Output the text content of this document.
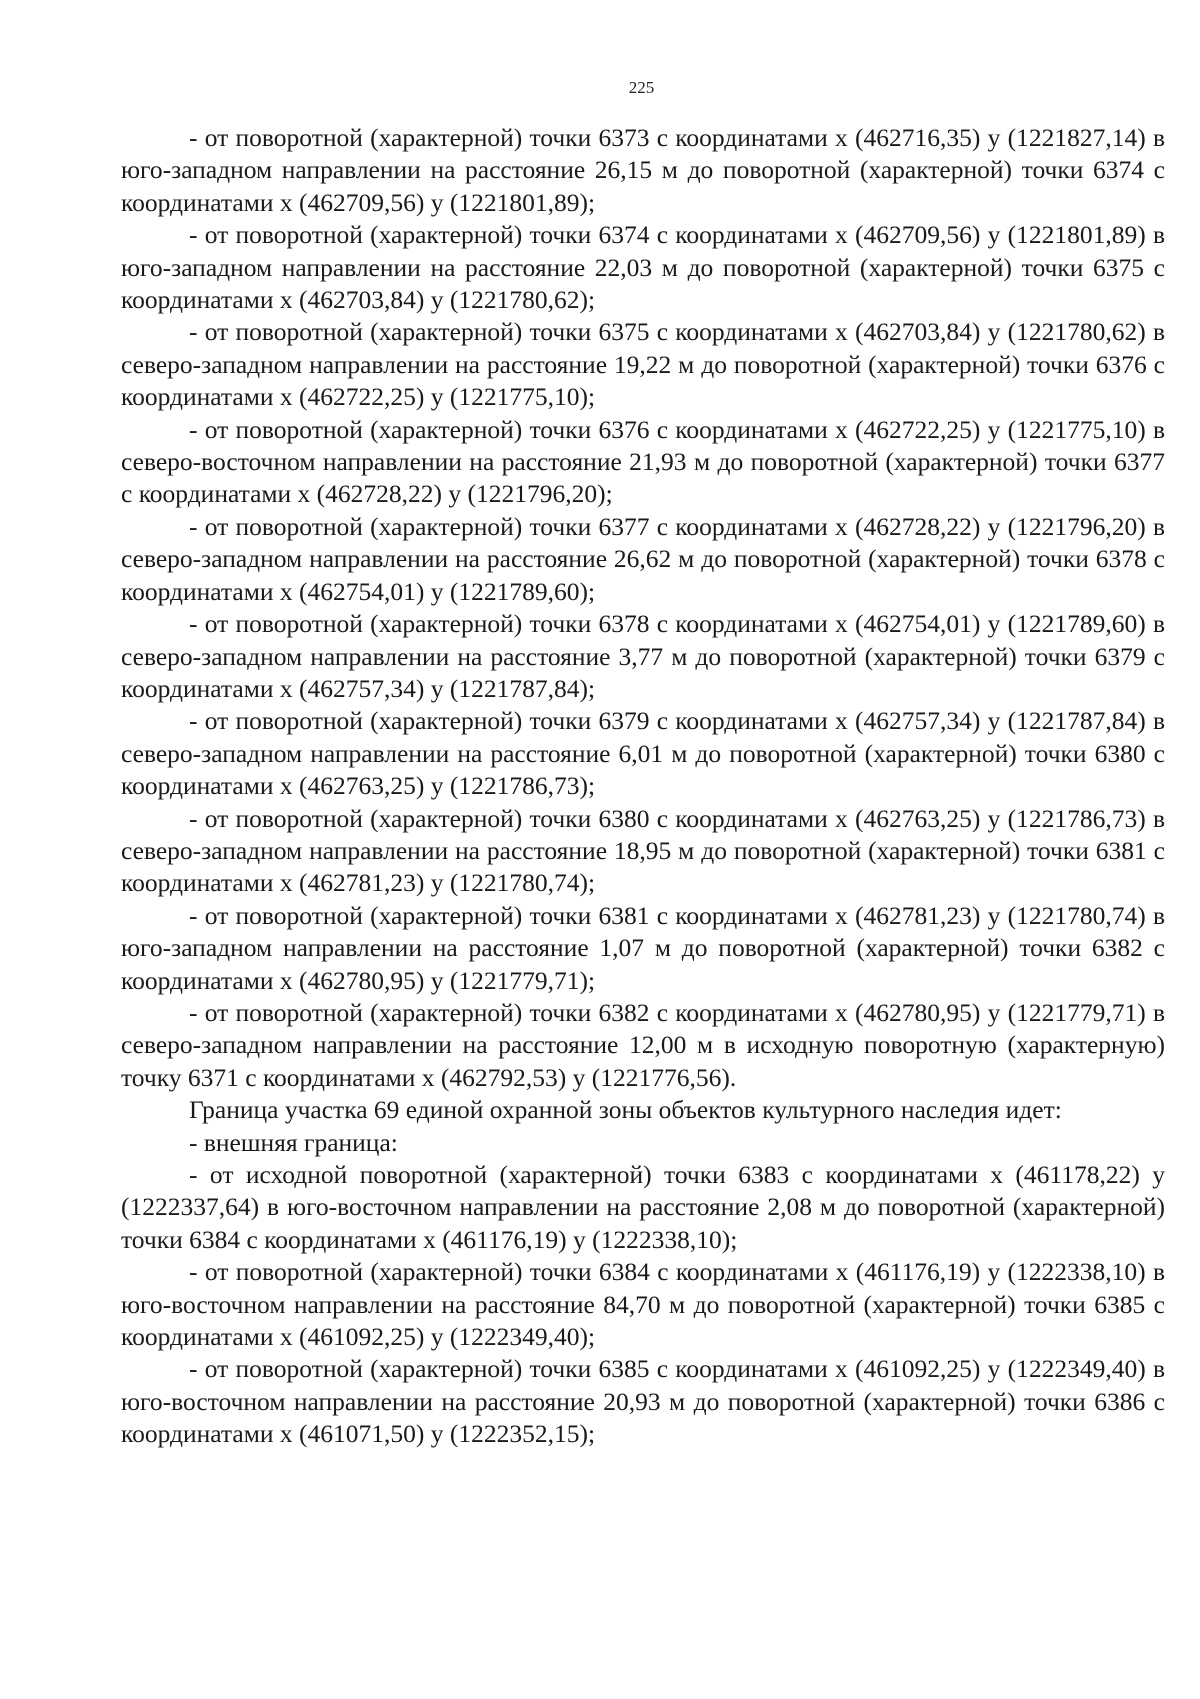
225

- от поворотной (характерной) точки 6373 с координатами х (462716,35) у (1221827,14) в юго-западном направлении на расстояние 26,15 м до поворотной (характерной) точки 6374 с координатами х (462709,56) у (1221801,89);

- от поворотной (характерной) точки 6374 с координатами х (462709,56) у (1221801,89) в юго-западном направлении на расстояние 22,03 м до поворотной (характерной) точки 6375 с координатами х (462703,84) у (1221780,62);

- от поворотной (характерной) точки 6375 с координатами х (462703,84) у (1221780,62) в северо-западном направлении на расстояние 19,22 м до поворотной (характерной) точки 6376 с координатами х (462722,25) у (1221775,10);

- от поворотной (характерной) точки 6376 с координатами х (462722,25) у (1221775,10) в северо-восточном направлении на расстояние 21,93 м до поворотной (характерной) точки 6377 с координатами х (462728,22) у (1221796,20);

- от поворотной (характерной) точки 6377 с координатами х (462728,22) у (1221796,20) в северо-западном направлении на расстояние 26,62 м до поворотной (характерной) точки 6378 с координатами х (462754,01) у (1221789,60);

- от поворотной (характерной) точки 6378 с координатами х (462754,01) у (1221789,60) в северо-западном направлении на расстояние 3,77 м до поворотной (характерной) точки 6379 с координатами х (462757,34) у (1221787,84);

- от поворотной (характерной) точки 6379 с координатами х (462757,34) у (1221787,84) в северо-западном направлении на расстояние 6,01 м до поворотной (характерной) точки 6380 с координатами х (462763,25) у (1221786,73);

- от поворотной (характерной) точки 6380 с координатами х (462763,25) у (1221786,73) в северо-западном направлении на расстояние 18,95 м до поворотной (характерной) точки 6381 с координатами х (462781,23) у (1221780,74);

- от поворотной (характерной) точки 6381 с координатами х (462781,23) у (1221780,74) в юго-западном направлении на расстояние 1,07 м до поворотной (характерной) точки 6382 с координатами х (462780,95) у (1221779,71);

- от поворотной (характерной) точки 6382 с координатами х (462780,95) у (1221779,71) в северо-западном направлении на расстояние 12,00 м в исходную поворотную (характерную) точку 6371 с координатами х (462792,53) у (1221776,56).

Граница участка 69 единой охранной зоны объектов культурного наследия идет:

- внешняя граница:

- от исходной поворотной (характерной) точки 6383 с координатами х (461178,22) у (1222337,64) в юго-восточном направлении на расстояние 2,08 м до поворотной (характерной) точки 6384 с координатами х (461176,19) у (1222338,10);

- от поворотной (характерной) точки 6384 с координатами х (461176,19) у (1222338,10) в юго-восточном направлении на расстояние 84,70 м до поворотной (характерной) точки 6385 с координатами х (461092,25) у (1222349,40);

- от поворотной (характерной) точки 6385 с координатами х (461092,25) у (1222349,40) в юго-восточном направлении на расстояние 20,93 м до поворотной (характерной) точки 6386 с координатами х (461071,50) у (1222352,15);
